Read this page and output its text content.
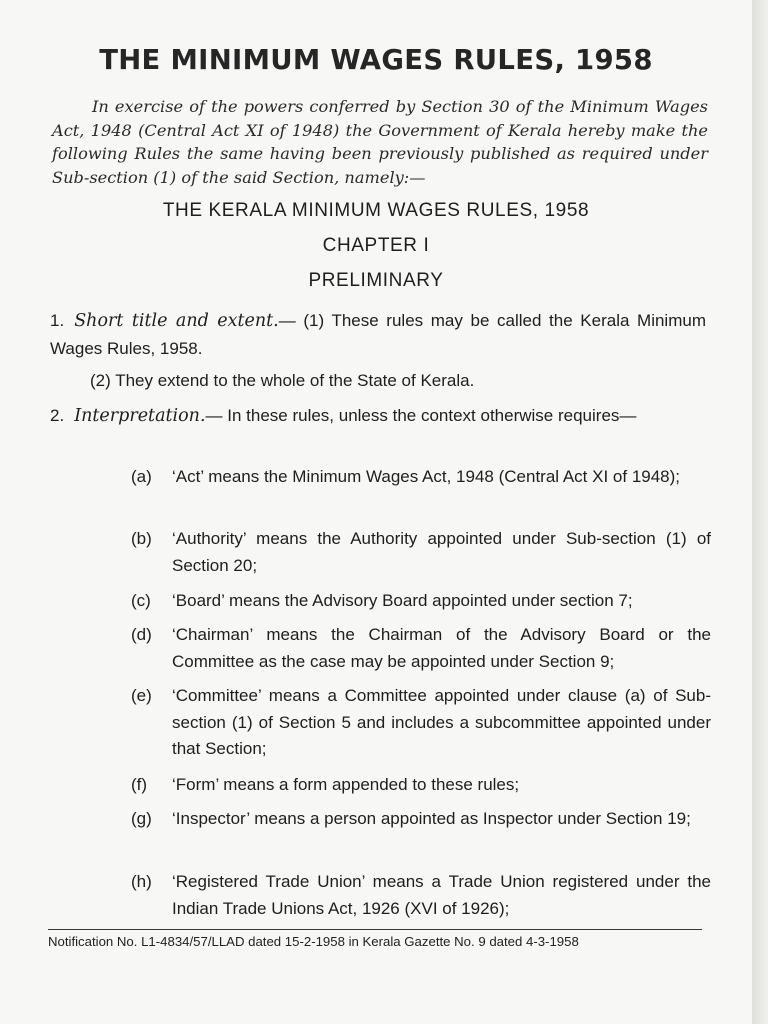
THE MINIMUM WAGES RULES, 1958
In exercise of the powers conferred by Section 30 of the Minimum Wages Act, 1948 (Central Act XI of 1948) the Government of Kerala hereby make the following Rules the same having been previously published as required under Sub-section (1) of the said Section, namely:—
THE KERALA MINIMUM WAGES RULES, 1958
CHAPTER I
PRELIMINARY
1. Short title and extent.— (1) These rules may be called the Kerala Minimum Wages Rules, 1958.
(2) They extend to the whole of the State of Kerala.
2. Interpretation.— In these rules, unless the context otherwise requires—
(a)	‘Act’ means the Minimum Wages Act, 1948 (Central Act XI of 1948);
(b)	‘Authority’ means the Authority appointed under Sub-section (1) of Section 20;
(c)	‘Board’ means the Advisory Board appointed under section 7;
(d)	‘Chairman’ means the Chairman of the Advisory Board or the Committee as the case may be appointed under Section 9;
(e)	‘Committee’ means a Committee appointed under clause (a) of Sub-section (1) of Section 5 and includes a subcommittee appointed under that Section;
(f)	‘Form’ means a form appended to these rules;
(g)	‘Inspector’ means a person appointed as Inspector under Section 19;
(h)	‘Registered Trade Union’ means a Trade Union registered under the Indian Trade Unions Act, 1926 (XVI of 1926);
Notification No. L1-4834/57/LLAD dated 15-2-1958 in Kerala Gazette No. 9 dated 4-3-1958
